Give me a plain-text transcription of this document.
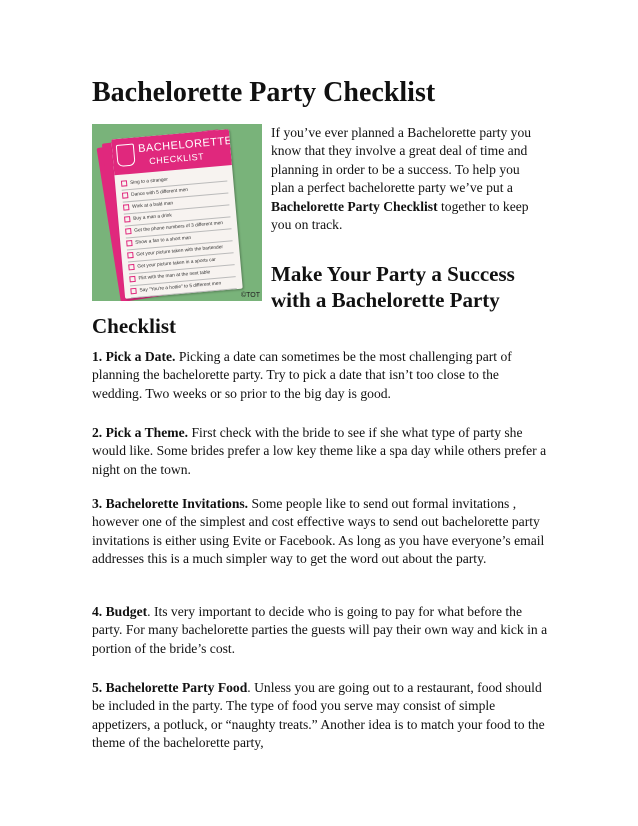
Bachelorette Party Checklist
BACHELORETTE
CHECKLIST
Sing to a stranger
Dance with 5 different men
Wink at a bald man
Buy a man a drink
Get the phone numbers of 3 different men
Show a fan to a short man
Get your picture taken with the bartender
Get your picture taken in a sports car
Flirt with the man at the next table
Say "You're a hottie" to 5 different men
©TOT

If you’ve ever planned a Bachelorette party you know that they involve a great deal of time and planning in order to be a success. To help you plan a perfect bachelorette party we’ve put a Bachelorette Party Checklist together to keep you on track.

Make Your Party a Success with a Bachelorette Party
Checklist

1. Pick a Date. Picking a date can sometimes be the most challenging part of planning the bachelorette party. Try to pick a date that isn’t too close to the wedding. Two weeks or so prior to the big day is good.

2. Pick a Theme. First check with the bride to see if she what type of party she would like. Some brides prefer a low key theme like a spa day while others prefer a night on the town.

3. Bachelorette Invitations. Some people like to send out formal invitations , however one of the simplest and cost effective ways to send out bachelorette party invitations is either using Evite or Facebook. As long as you have everyone’s email addresses this is a much simpler way to get the word out about the party.

4. Budget. Its very important to decide who is going to pay for what before the party. For many bachelorette parties the guests will pay their own way and kick in a portion of the bride’s cost.

5. Bachelorette Party Food. Unless you are going out to a restaurant, food should be included in the party. The type of food you serve may consist of simple appetizers, a potluck, or “naughty treats.” Another idea is to match your food to the theme of the bachelorette party,
